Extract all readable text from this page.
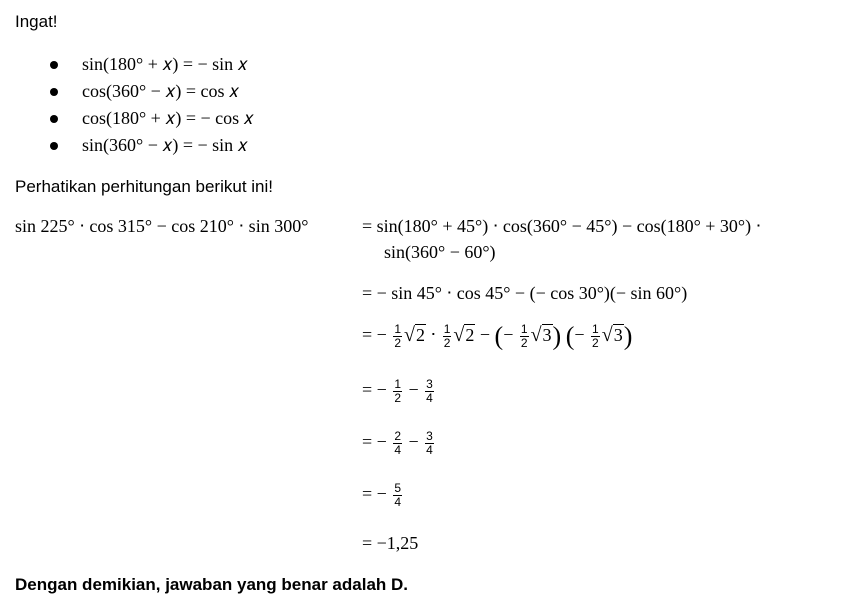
Ingat!
sin(180° + 𝑥) = − sin 𝑥
cos(360° − 𝑥) = cos 𝑥
cos(180° + 𝑥) = − cos 𝑥
sin(360° − 𝑥) = − sin 𝑥
Perhatikan perhitungan berikut ini!
sin 225° ⋅ cos 315° − cos 210° ⋅ sin 300°	= sin(180° + 45°) ⋅ cos(360° − 45°) − cos(180° + 30°) ⋅
sin(360° − 60°)
= − sin 45° ⋅ cos 45° − (− cos 30°)(− sin 60°)
= − $\frac{1}{2} √2 \cdot \frac{1}{2} √2$ − (− $\frac{1}{2} √3$) (− $\frac{1}{2} √3$)
= − $\frac{1}{2} - \frac{3}{4}$
= − $\frac{2}{4} - \frac{3}{4}$
= − $\frac{5}{4}$
= −1,25
Dengan demikian, jawaban yang benar adalah D.
